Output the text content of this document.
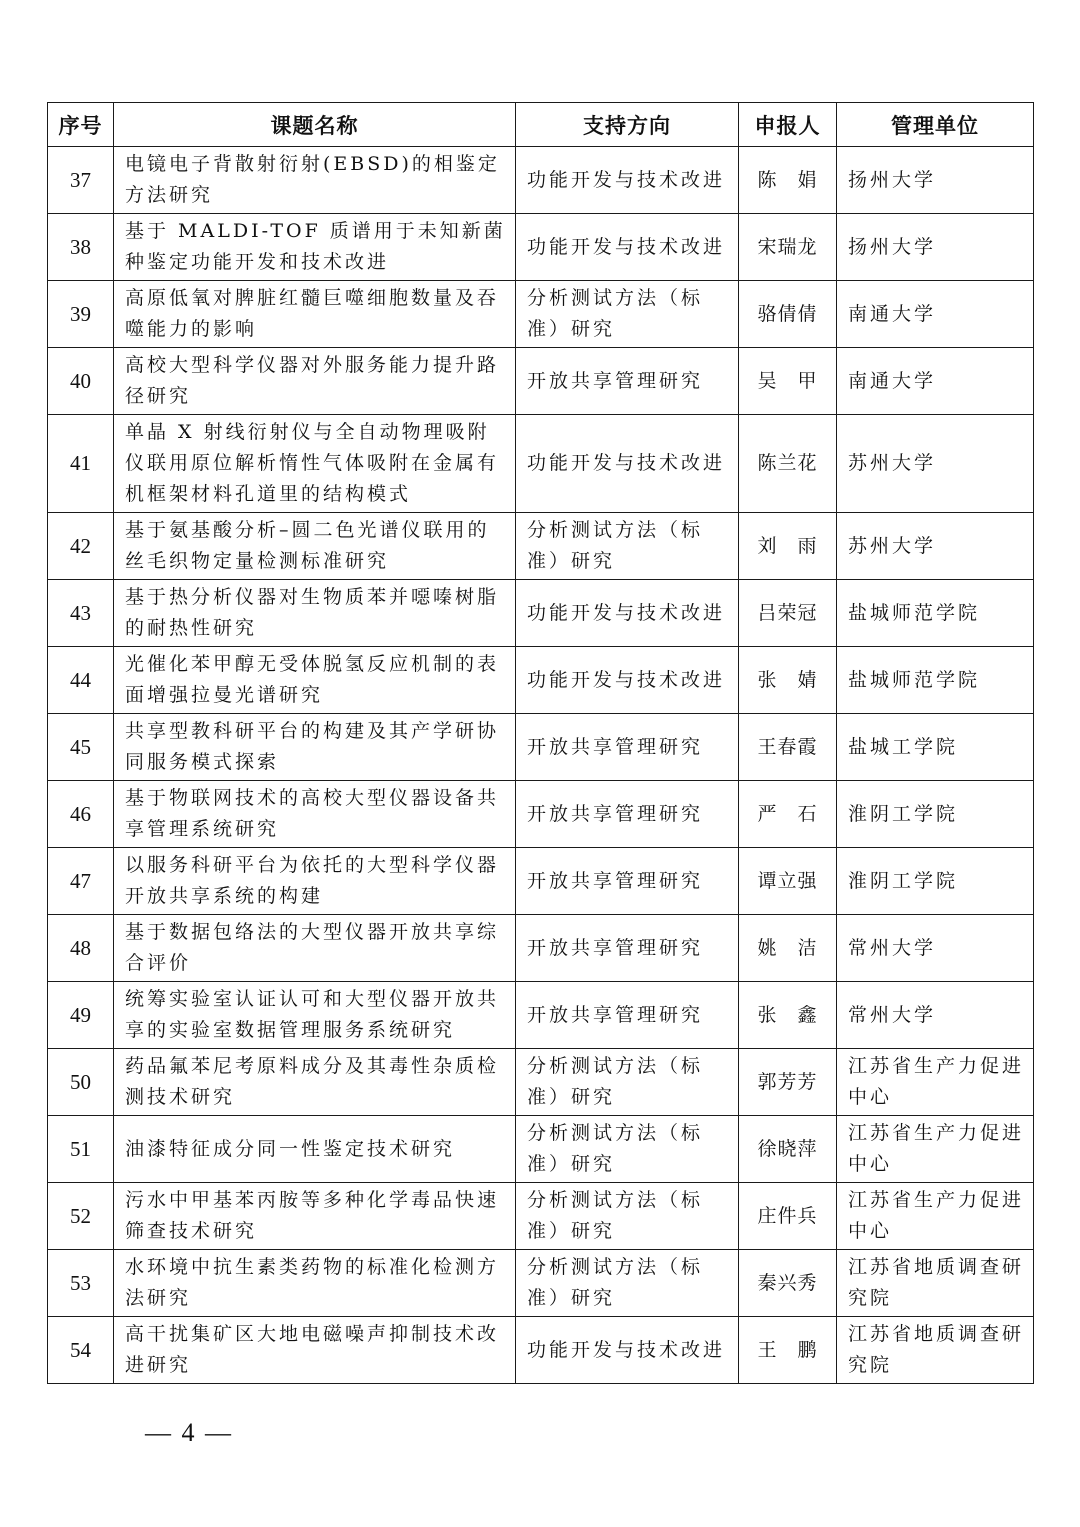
序号	课题名称	支持方向	申报人	管理单位
37	电镜电子背散射衍射(EBSD)的相鉴定方法研究	功能开发与技术改进	陈　娟	扬州大学
38	基于 MALDI-TOF 质谱用于未知新菌种鉴定功能开发和技术改进	功能开发与技术改进	宋瑞龙	扬州大学
39	高原低氧对脾脏红髓巨噬细胞数量及吞噬能力的影响	分析测试方法（标准）研究	骆倩倩	南通大学
40	高校大型科学仪器对外服务能力提升路径研究	开放共享管理研究	吴　甲	南通大学
41	单晶 X 射线衍射仪与全自动物理吸附仪联用原位解析惰性气体吸附在金属有机框架材料孔道里的结构模式	功能开发与技术改进	陈兰花	苏州大学
42	基于氨基酸分析–圆二色光谱仪联用的丝毛织物定量检测标准研究	分析测试方法（标准）研究	刘　雨	苏州大学
43	基于热分析仪器对生物质苯并噁嗪树脂的耐热性研究	功能开发与技术改进	吕荣冠	盐城师范学院
44	光催化苯甲醇无受体脱氢反应机制的表面增强拉曼光谱研究	功能开发与技术改进	张　婧	盐城师范学院
45	共享型教科研平台的构建及其产学研协同服务模式探索	开放共享管理研究	王春霞	盐城工学院
46	基于物联网技术的高校大型仪器设备共享管理系统研究	开放共享管理研究	严　石	淮阴工学院
47	以服务科研平台为依托的大型科学仪器开放共享系统的构建	开放共享管理研究	谭立强	淮阴工学院
48	基于数据包络法的大型仪器开放共享综合评价	开放共享管理研究	姚　洁	常州大学
49	统筹实验室认证认可和大型仪器开放共享的实验室数据管理服务系统研究	开放共享管理研究	张　鑫	常州大学
50	药品氟苯尼考原料成分及其毒性杂质检测技术研究	分析测试方法（标准）研究	郭芳芳	江苏省生产力促进中心
51	油漆特征成分同一性鉴定技术研究	分析测试方法（标准）研究	徐晓萍	江苏省生产力促进中心
52	污水中甲基苯丙胺等多种化学毒品快速筛查技术研究	分析测试方法（标准）研究	庄件兵	江苏省生产力促进中心
53	水环境中抗生素类药物的标准化检测方法研究	分析测试方法（标准）研究	秦兴秀	江苏省地质调查研究院
54	高干扰集矿区大地电磁噪声抑制技术改进研究	功能开发与技术改进	王　鹏	江苏省地质调查研究院
— 4 —
